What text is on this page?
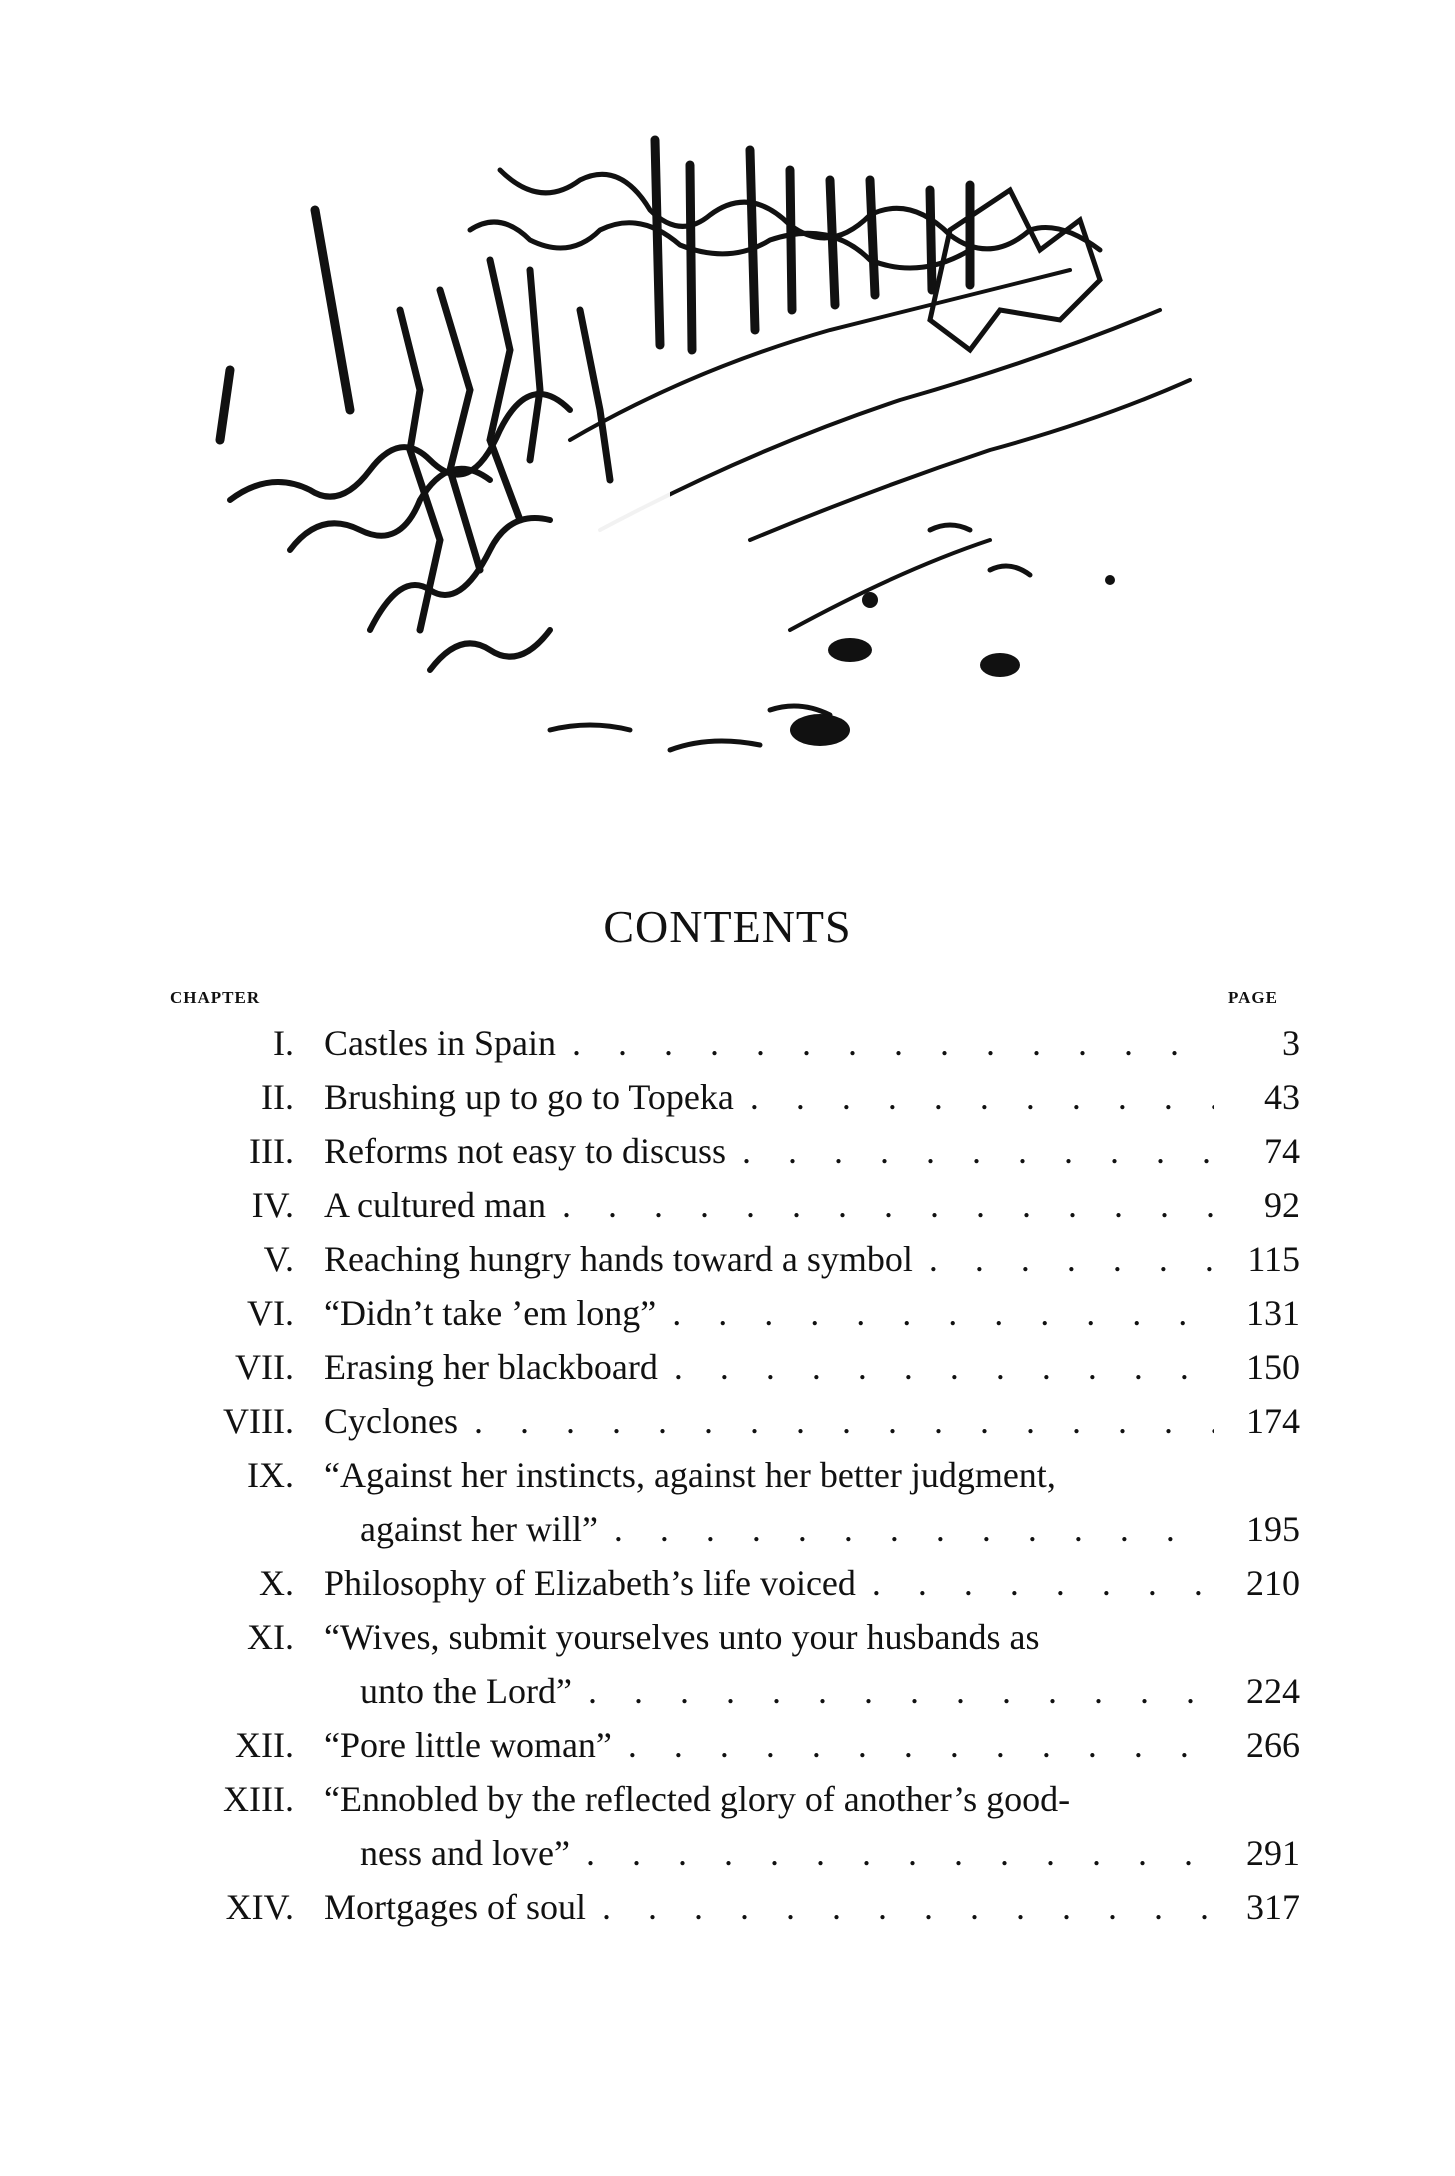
CONTENTS
CHAPTER	PAGE
I. Castles in Spain . . .	3
II. Brushing up to go to Topeka . . .	43
III. Reforms not easy to discuss . . .	74
IV. A cultured man . . .	92
V. Reaching hungry hands toward a symbol . . .	115
VI. “Didn’t take ’em long” . . .	131
VII. Erasing her blackboard . . .	150
VIII. Cyclones . . .	174
IX. “Against her instincts, against her better judgment,
against her will” . . .	195
X. Philosophy of Elizabeth’s life voiced . . .	210
XI. “Wives, submit yourselves unto your husbands as
unto the Lord” . . .	224
XII. “Pore little woman” . . .	266
XIII. “Ennobled by the reflected glory of another’s good-
ness and love” . . .	291
XIV. Mortgages of soul . . .	317
